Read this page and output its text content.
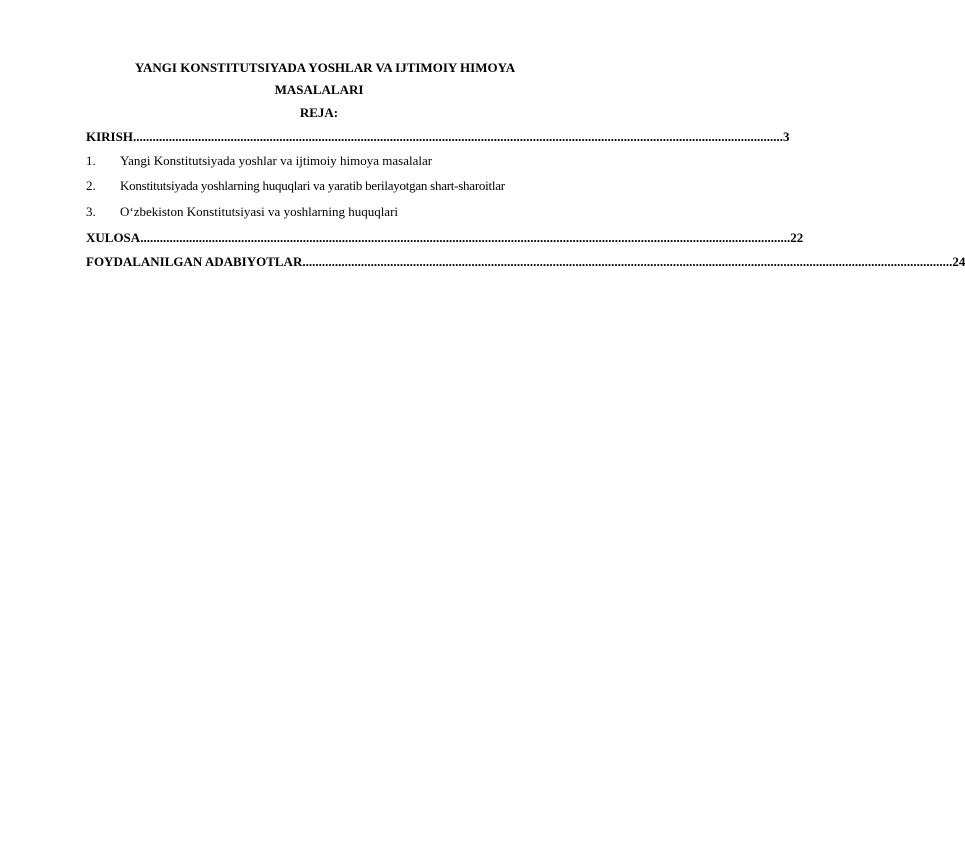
YANGI KONSTITUTSIYADA YOSHLAR VA IJTIMOIY HIMOYA
MASALALARI
REJA:
KIRISH ........................................................................................................................................................................................................ 3
1. Yangi Konstitutsiyada yoshlar va ijtimoiy himoya masalalar
2. Konstitutsiyada yoshlarning huquqlari va yaratib berilayotgan shart-sharoitlar
3. O‘zbekiston Konstitutsiyasi va yoshlarning huquqlari
XULOSA ........................................................................................................................................................................................................ 22
FOYDALANILGAN ADABIYOTLAR ........................................................................................................................................................................................................ 24
